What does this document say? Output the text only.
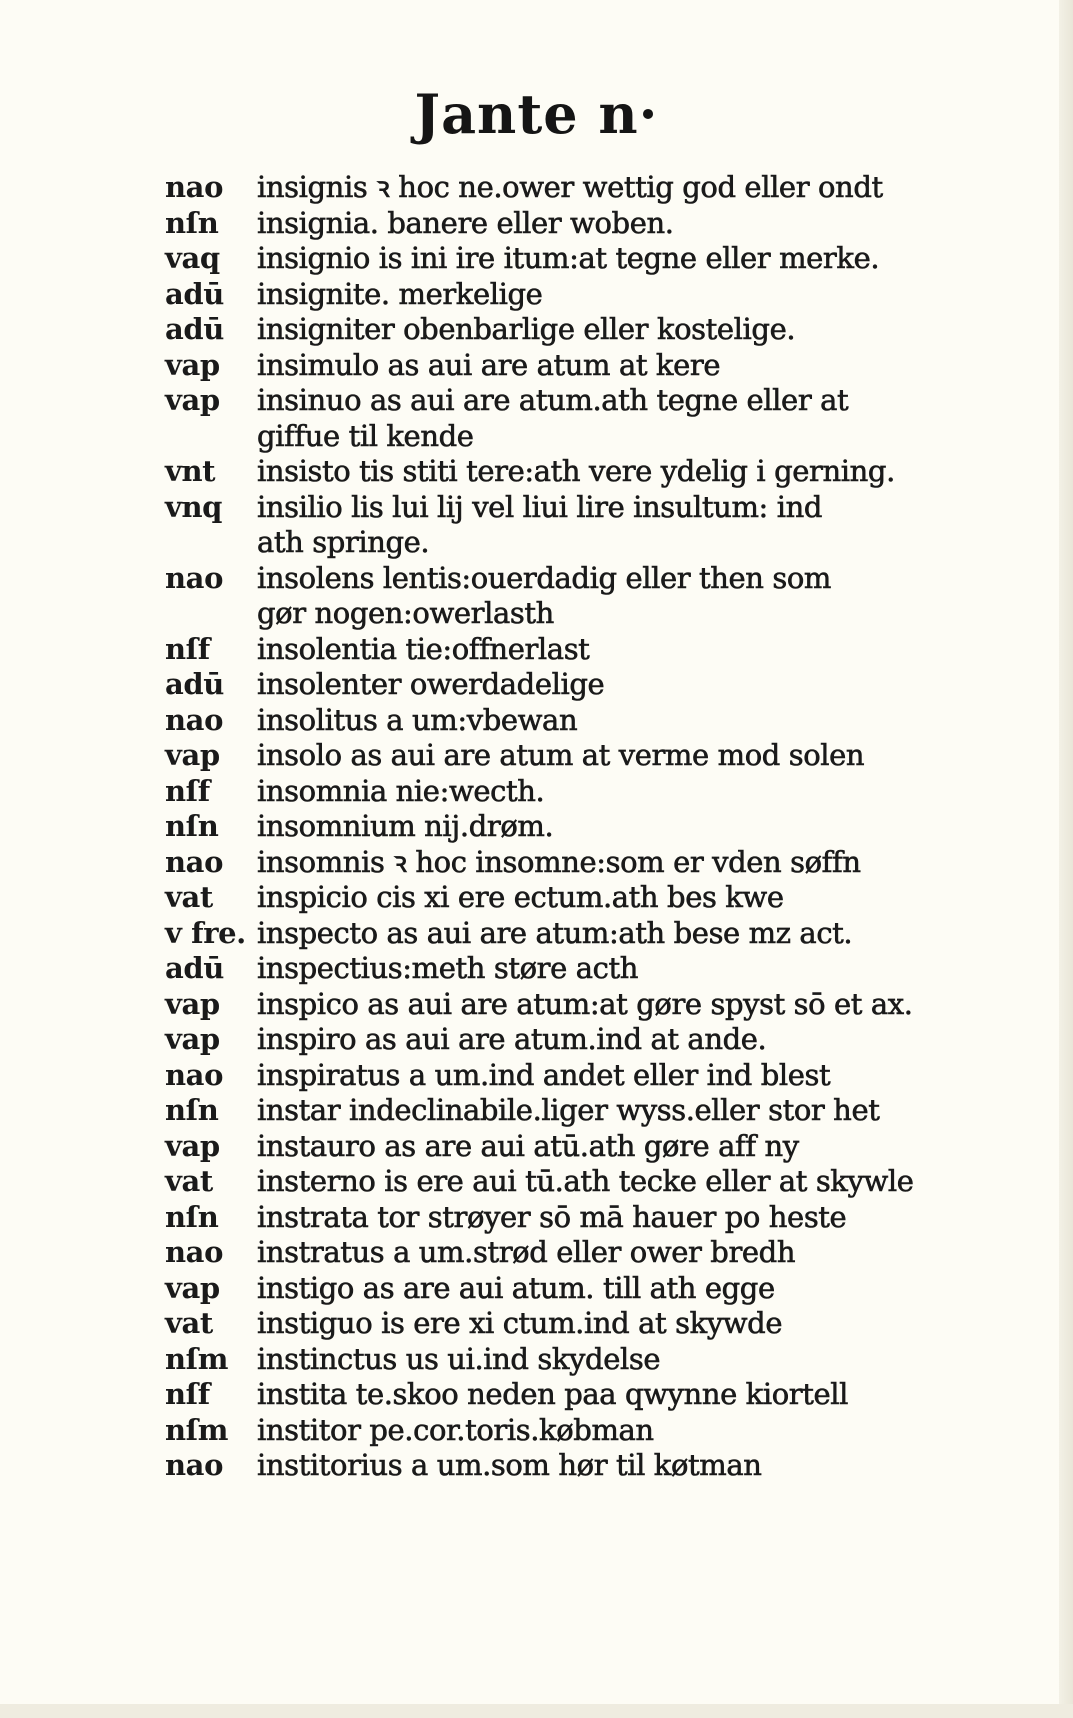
Jante n·
nao	insignis ꝛ hoc ne.ower wettig god eller ondt
nſn	insignia. banere eller woben.
vaq	insignio is ini ire itum:at tegne eller merke.
adū	insignite. merkelige
adū	insigniter obenbarlige eller kostelige.
vap	insimulo as aui are atum at kere
vap	insinuo as aui are atum.ath tegne eller at
giffue til kende
vnt	insisto tis stiti tere:ath vere ydelig i gerning.
vnq	insilio lis lui lij vel liui lire insultum: ind
ath springe.
nao	insolens lentis:ouerdadig eller then som
gør nogen:owerlasth
nſf	insolentia tie:offnerlast
adū	insolenter owerdadelige
nao	insolitus a um:vbewan
vap	insolo as aui are atum at verme mod solen
nſf	insomnia nie:wecth.
nſn	insomnium nij.drøm.
nao	insomnis ꝛ hoc insomne:som er vden søffn
vat	inspicio cis xi ere ectum.ath bes kwe
v fre. inspecto as aui are atum:ath bese mz act.
adū	inspectius:meth støre acth
vap	inspico as aui are atum:at gøre spyst sō et ax.
vap	inspiro as aui are atum.ind at ande.
nao	inspiratus a um.ind andet eller ind blest
nſn	instar indeclinabile.liger wyss.eller stor het
vap	instauro as are aui atū.ath gøre aff ny
vat	insterno is ere aui tū.ath tecke eller at skywle
nſn	instrata tor strøyer sō mā hauer po heste
nao	instratus a um.strød eller ower bredh
vap	instigo as are aui atum. till ath egge
vat	instiguo is ere xi ctum.ind at skywde
nſm instinctus us ui.ind skydelse
nſf	instita te.skoo neden paa qwynne kiortell
nſm institor pe.cor.toris.købman
nao	institorius a um.som hør til køtman
